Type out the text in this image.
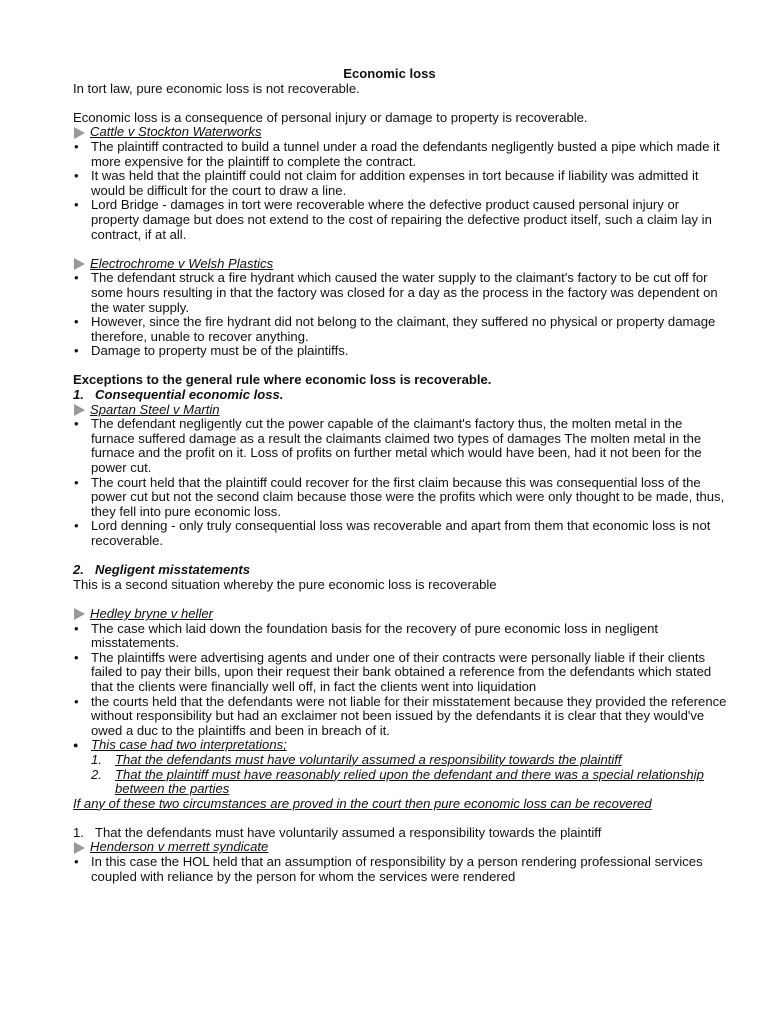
Economic loss

In tort law, pure economic loss is not recoverable.

Economic loss is a consequence of personal injury or damage to property is recoverable.

Cattle v Stockton Waterworks
• The plaintiff contracted to build a tunnel under a road the defendants negligently busted a pipe which made it more expensive for the plaintiff to complete the contract.
• It was held that the plaintiff could not claim for addition expenses in tort because if liability was admitted it would be difficult for the court to draw a line.
• Lord Bridge - damages in tort were recoverable where the defective product caused personal injury or property damage but does not extend to the cost of repairing the defective product itself, such a claim lay in contract, if at all.
Electrochrome v Welsh Plastics
• The defendant struck a fire hydrant which caused the water supply to the claimant's factory to be cut off for some hours resulting in that the factory was closed for a day as the process in the factory was dependent on the water supply.
• However, since the fire hydrant did not belong to the claimant, they suffered no physical or property damage therefore, unable to recover anything.
• Damage to property must be of the plaintiffs.

Exceptions to the general rule where economic loss is recoverable.

1. Consequential economic loss.

Spartan Steel v Martin
• The defendant negligently cut the power capable of the claimant's factory thus, the molten metal in the furnace suffered damage as a result the claimants claimed two types of damages The molten metal in the furnace and the profit on it. Loss of profits on further metal which would have been, had it not been for the power cut.
• The court held that the plaintiff could recover for the first claim because this was consequential loss of the power cut but not the second claim because those were the profits which were only thought to be made, thus, they fell into pure economic loss.
• Lord denning - only truly consequential loss was recoverable and apart from them that economic loss is not recoverable.

2. Negligent misstatements

This is a second situation whereby the pure economic loss is recoverable

Hedley bryne v heller
• The case which laid down the foundation basis for the recovery of pure economic loss in negligent misstatements.
• The plaintiffs were advertising agents and under one of their contracts were personally liable if their clients failed to pay their bills, upon their request their bank obtained a reference from the defendants which stated that the clients were financially well off, in fact the clients went into liquidation
• the courts held that the defendants were not liable for their misstatement because they provided the reference without responsibility but had an exclaimer not been issued by the defendants it is clear that they would've owed a duc to the plaintiffs and been in breach of it.
● This case had two interpretations;
1. That the defendants must have voluntarily assumed a responsibility towards the plaintiff
2. That the plaintiff must have reasonably relied upon the defendant and there was a special relationship between the parties

If any of these two circumstances are proved in the court then pure economic loss can be recovered

1. That the defendants must have voluntarily assumed a responsibility towards the plaintiff

Henderson v merrett syndicate
• In this case the HOL held that an assumption of responsibility by a person rendering professional services coupled with reliance by the person for whom the services were rendered
